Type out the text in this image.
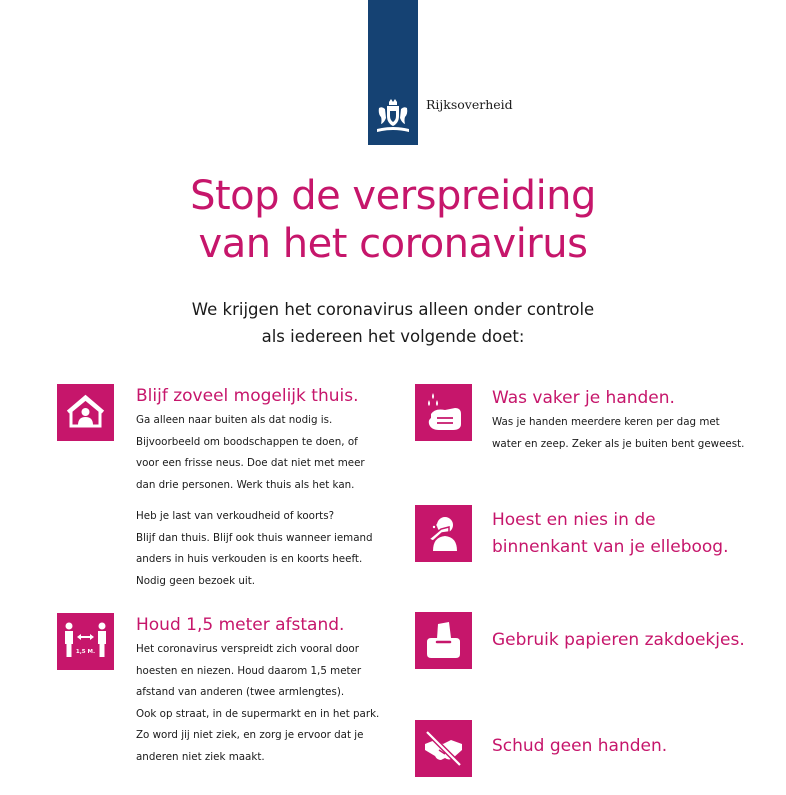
Rijksoverheid
Stop de verspreiding
van het coronavirus
We krijgen het coronavirus alleen onder controle
als iedereen het volgende doet:
Blijf zoveel mogelijk thuis.
Ga alleen naar buiten als dat nodig is.
Bijvoorbeeld om boodschappen te doen, of
voor een frisse neus. Doe dat niet met meer
dan drie personen. Werk thuis als het kan.
Heb je last van verkoudheid of koorts?
Blijf dan thuis. Blijf ook thuis wanneer iemand
anders in huis verkouden is en koorts heeft.
Nodig geen bezoek uit.
1,5 M.
Houd 1,5 meter afstand.
Het coronavirus verspreidt zich vooral door
hoesten en niezen. Houd daarom 1,5 meter
afstand van anderen (twee armlengtes).
Ook op straat, in de supermarkt en in het park.
Zo word jij niet ziek, en zorg je ervoor dat je
anderen niet ziek maakt.
Was vaker je handen.
Was je handen meerdere keren per dag met
water en zeep. Zeker als je buiten bent geweest.
Hoest en nies in de
binnenkant van je elleboog.
Gebruik papieren zakdoekjes.
Schud geen handen.
